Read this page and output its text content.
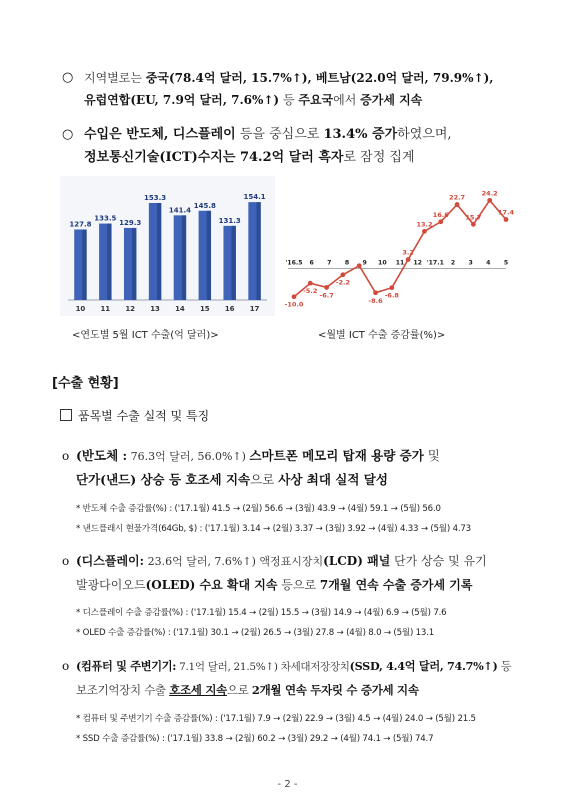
○ 지역별로는 중국(78.4억 달러, 15.7%↑), 베트남(22.0억 달러, 79.9%↑),
유럽연합(EU, 7.9억 달러, 7.6%↑) 등 주요국에서 증가세 지속
○ 수입은 반도체, 디스플레이 등을 중심으로 13.4% 증가하였으며,
정보통신기술(ICT)수지는 74.2억 달러 흑자로 잠정 집계
127.8
10
133.5
11
129.3
12
153.3
13
141.4
14
145.8
15
131.3
16
154.1
17
-10.0
-5.2
-6.7
-2.2
-8.6
-6.8
3.2
13.2
16.6
22.7
15.7
24.2
17.4
'16.5 6 7 8 9 10 11 12 '17.1 2 3 4 5
<연도별 5월 ICT 수출(억 달러)>	<월별 ICT 수출 증감률(%)>
[수출 현황]
품목별 수출 실적 및 특징
o (반도체 : 76.3억 달러, 56.0%↑) 스마트폰 메모리 탑재 용량 증가 및
단가(낸드) 상승 등 호조세 지속으로 사상 최대 실적 달성
* 반도체 수출 증감률(%) : ('17.1월) 41.5 → (2월) 56.6 → (3월) 43.9 → (4월) 59.1 → (5월) 56.0
* 낸드플래시 현물가격(64Gb, $) : ('17.1월) 3.14 → (2월) 3.37 → (3월) 3.92 → (4월) 4.33 → (5월) 4.73
o (디스플레이: 23.6억 달러, 7.6%↑) 액정표시장치(LCD) 패널 단가 상승 및 유기
발광다이오드(OLED) 수요 확대 지속 등으로 7개월 연속 수출 증가세 기록
* 디스플레이 수출 증감률(%) : ('17.1월) 15.4 → (2월) 15.5 → (3월) 14.9 → (4월) 6.9 → (5월) 7.6
* OLED 수출 증감률(%) : ('17.1월) 30.1 → (2월) 26.5 → (3월) 27.8 → (4월) 8.0 → (5월) 13.1
o (컴퓨터 및 주변기기: 7.1억 달러, 21.5%↑) 차세대저장장치(SSD, 4.4억 달러, 74.7%↑) 등
보조기억장치 수출 호조세 지속으로 2개월 연속 두자릿 수 증가세 지속
* 컴퓨터 및 주변기기 수출 증감률(%) : ('17.1월) 7.9 → (2월) 22.9 → (3월) 4.5 → (4월) 24.0 → (5월) 21.5
* SSD 수출 증감률(%) : ('17.1월) 33.8 → (2월) 60.2 → (3월) 29.2 → (4월) 74.1 → (5월) 74.7
- 2 -
